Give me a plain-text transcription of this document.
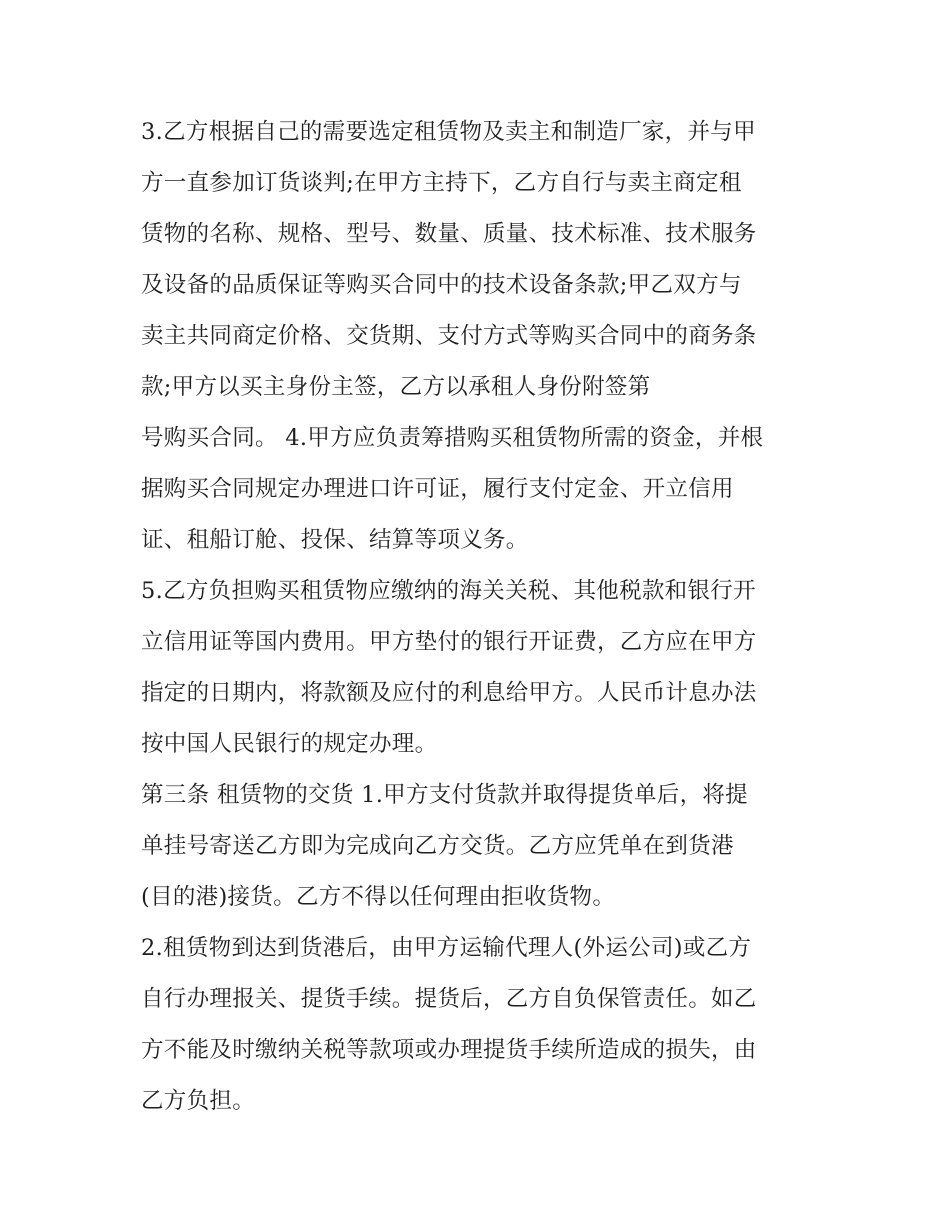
3.乙方根据自己的需要选定租赁物及卖主和制造厂家，并与甲
方一直参加订货谈判;在甲方主持下，乙方自行与卖主商定租
赁物的名称、规格、型号、数量、质量、技术标准、技术服务
及设备的品质保证等购买合同中的技术设备条款;甲乙双方与
卖主共同商定价格、交货期、支付方式等购买合同中的商务条
款;甲方以买主身份主签，乙方以承租人身份附签第
号购买合同。 4.甲方应负责筹措购买租赁物所需的资金，并根
据购买合同规定办理进口许可证，履行支付定金、开立信用
证、租船订舱、投保、结算等项义务。
5.乙方负担购买租赁物应缴纳的海关关税、其他税款和银行开
立信用证等国内费用。甲方垫付的银行开证费，乙方应在甲方
指定的日期内，将款额及应付的利息给甲方。人民币计息办法
按中国人民银行的规定办理。
第三条 租赁物的交货 1.甲方支付货款并取得提货单后，将提
单挂号寄送乙方即为完成向乙方交货。乙方应凭单在到货港
(目的港)接货。乙方不得以任何理由拒收货物。
2.租赁物到达到货港后，由甲方运输代理人(外运公司)或乙方
自行办理报关、提货手续。提货后，乙方自负保管责任。如乙
方不能及时缴纳关税等款项或办理提货手续所造成的损失，由
乙方负担。
